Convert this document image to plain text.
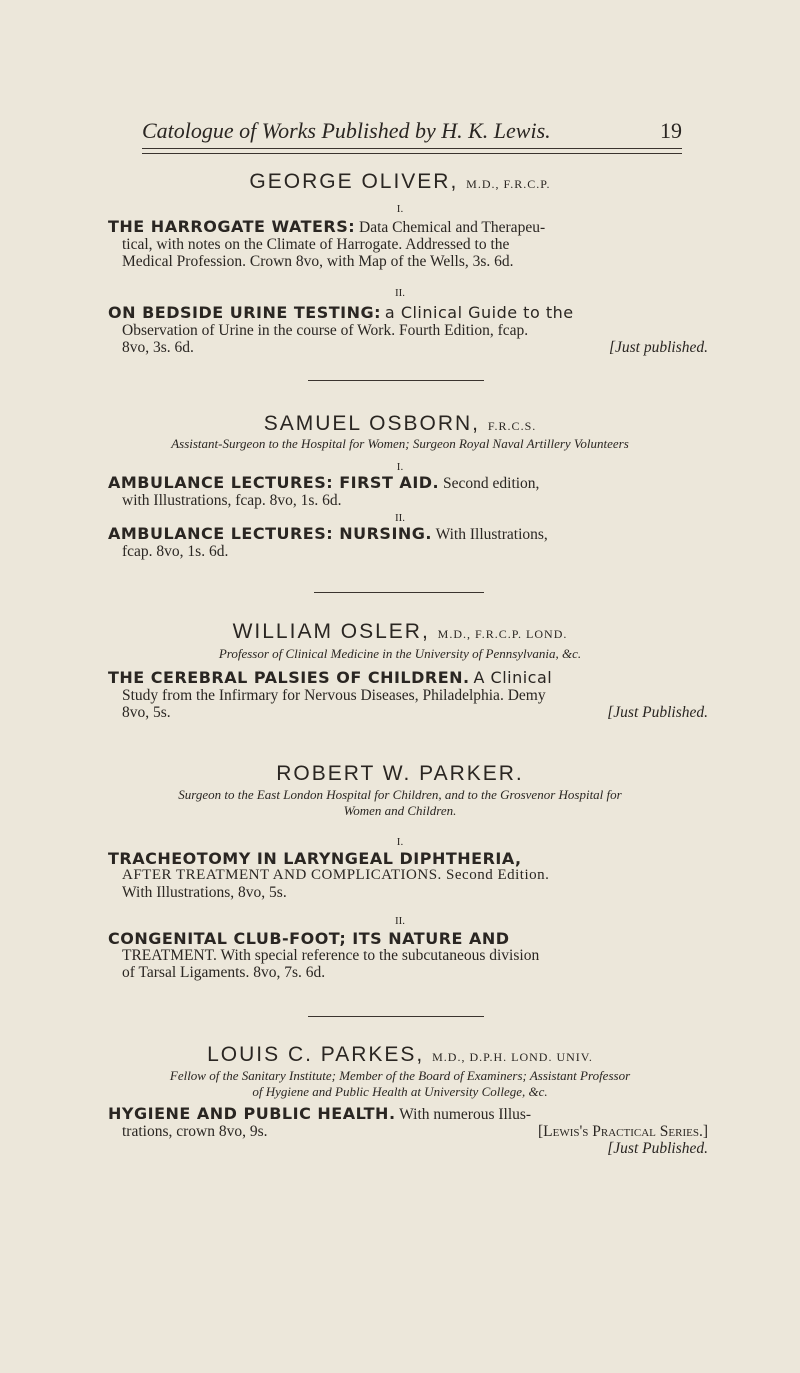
Catologue of Works Published by H. K. Lewis.	19
GEORGE OLIVER, M.D., F.R.C.P.
I.
THE HARROGATE WATERS: Data Chemical and Therapeu-
tical, with notes on the Climate of Harrogate. Addressed to the
Medical Profession. Crown 8vo, with Map of the Wells, 3s. 6d.
II.
ON BEDSIDE URINE TESTING: a Clinical Guide to the
Observation of Urine in the course of Work. Fourth Edition, fcap.
8vo, 3s. 6d.	[Just published.
SAMUEL OSBORN, F.R.C.S.
Assistant-Surgeon to the Hospital for Women; Surgeon Royal Naval Artillery Volunteers
I.
AMBULANCE LECTURES: FIRST AID. Second edition,
with Illustrations, fcap. 8vo, 1s. 6d.
II.
AMBULANCE LECTURES: NURSING. With Illustrations,
fcap. 8vo, 1s. 6d.
WILLIAM OSLER, M.D., F.R.C.P. LOND.
Professor of Clinical Medicine in the University of Pennsylvania, &c.
THE CEREBRAL PALSIES OF CHILDREN. A Clinical
Study from the Infirmary for Nervous Diseases, Philadelphia. Demy
8vo, 5s.	[Just Published.
ROBERT W. PARKER.
Surgeon to the East London Hospital for Children, and to the Grosvenor Hospital for
Women and Children.
I.
TRACHEOTOMY IN LARYNGEAL DIPHTHERIA,
AFTER TREATMENT AND COMPLICATIONS. Second Edition.
With Illustrations, 8vo, 5s.
II.
CONGENITAL CLUB-FOOT; ITS NATURE AND
TREATMENT. With special reference to the subcutaneous division
of Tarsal Ligaments. 8vo, 7s. 6d.
LOUIS C. PARKES, M.D., D.P.H. LOND. UNIV.
Fellow of the Sanitary Institute; Member of the Board of Examiners; Assistant Professor
of Hygiene and Public Health at University College, &c.
HYGIENE AND PUBLIC HEALTH. With numerous Illus-
trations, crown 8vo, 9s.	[Lewis's Practical Series.]
[Just Published.
